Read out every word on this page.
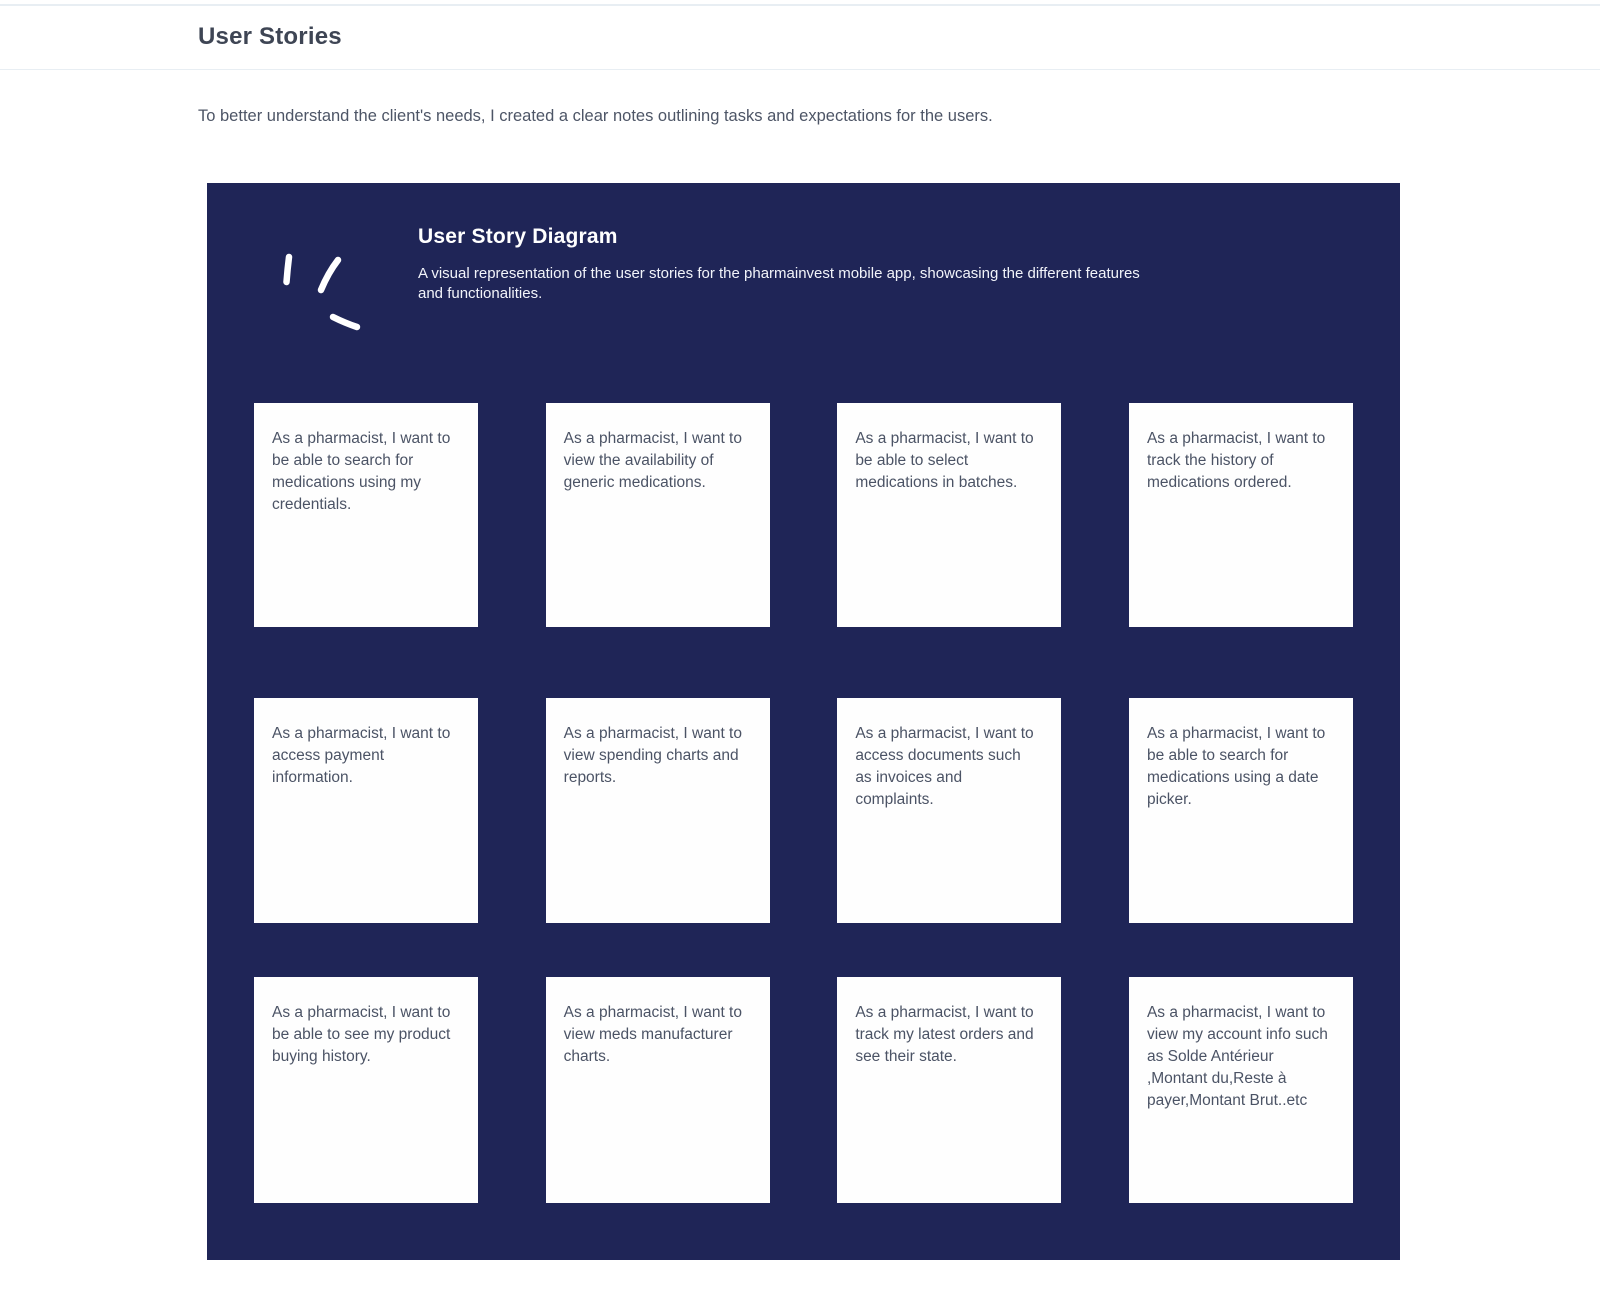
User Stories

To better understand the client's needs, I created a clear notes outlining tasks and expectations for the users.

User Story Diagram

A visual representation of the user stories for the pharmainvest mobile app, showcasing the different features and functionalities.

As a pharmacist, I want to be able to search for medications using my credentials.

As a pharmacist, I want to view the availability of generic medications.

As a pharmacist, I want to be able to select medications in batches.

As a pharmacist, I want to track the history of medications ordered.

As a pharmacist, I want to access payment information.

As a pharmacist, I want to view spending charts and reports.

As a pharmacist, I want to access documents such as invoices and complaints.

As a pharmacist, I want to be able to search for medications using a date picker.

As a pharmacist, I want to be able to see my product buying history.

As a pharmacist, I want to view meds manufacturer charts.

As a pharmacist, I want to track my latest orders and see their state.

As a pharmacist, I want to view my account info such as Solde Antérieur ,Montant du,Reste à payer,Montant Brut..etc
